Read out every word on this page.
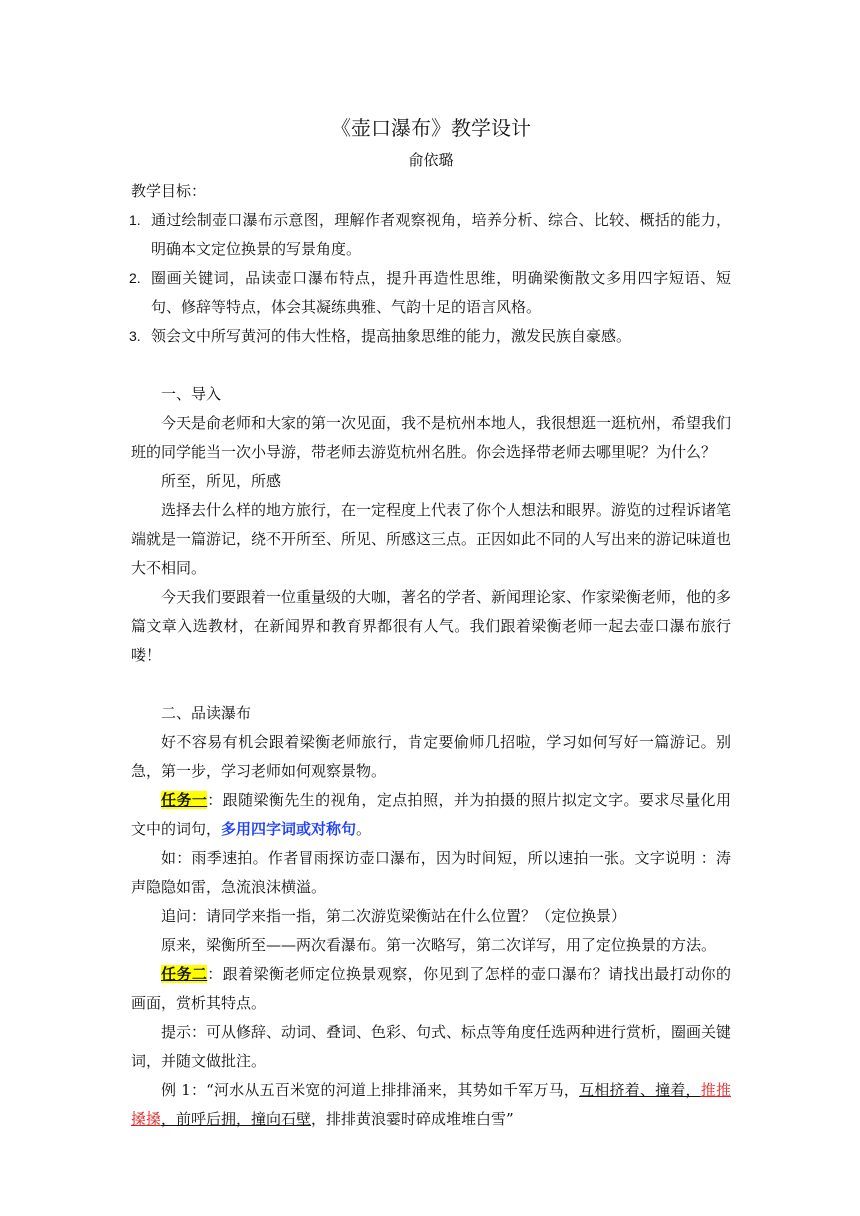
《壶口瀑布》教学设计
俞依璐

教学目标：

1. 通过绘制壶口瀑布示意图，理解作者观察视角，培养分析、综合、比较、概括的能力，明确本文定位换景的写景角度。
2. 圈画关键词，品读壶口瀑布特点，提升再造性思维，明确梁衡散文多用四字短语、短句、修辞等特点，体会其凝练典雅、气韵十足的语言风格。
3. 领会文中所写黄河的伟大性格，提高抽象思维的能力，激发民族自豪感。

一、导入

今天是俞老师和大家的第一次见面，我不是杭州本地人，我很想逛一逛杭州，希望我们班的同学能当一次小导游，带老师去游览杭州名胜。你会选择带老师去哪里呢？为什么？

所至，所见，所感

选择去什么样的地方旅行，在一定程度上代表了你个人想法和眼界。游览的过程诉诸笔端就是一篇游记，绕不开所至、所见、所感这三点。正因如此不同的人写出来的游记味道也大不相同。

今天我们要跟着一位重量级的大咖，著名的学者、新闻理论家、作家梁衡老师，他的多篇文章入选教材，在新闻界和教育界都很有人气。我们跟着梁衡老师一起去壶口瀑布旅行喽！

二、品读瀑布

好不容易有机会跟着梁衡老师旅行，肯定要偷师几招啦，学习如何写好一篇游记。别急，第一步，学习老师如何观察景物。

任务一：跟随梁衡先生的视角，定点拍照，并为拍摄的照片拟定文字。要求尽量化用文中的词句，多用四字词或对称句。

如：雨季速拍。作者冒雨探访壶口瀑布，因为时间短，所以速拍一张。文字说明 ：涛声隐隐如雷，急流浪沫横溢。

追问：请同学来指一指，第二次游览梁衡站在什么位置？（定位换景）

原来，梁衡所至——两次看瀑布。第一次略写，第二次详写，用了定位换景的方法。

任务二：跟着梁衡老师定位换景观察，你见到了怎样的壶口瀑布？请找出最打动你的画面，赏析其特点。

提示：可从修辞、动词、叠词、色彩、句式、标点等角度任选两种进行赏析，圈画关键词，并随文做批注。

例 1：“河水从五百米宽的河道上排排涌来，其势如千军万马，互相挤着、撞着，推推搡搡，前呼后拥，撞向石壁，排排黄浪霎时碎成堆堆白雪”
